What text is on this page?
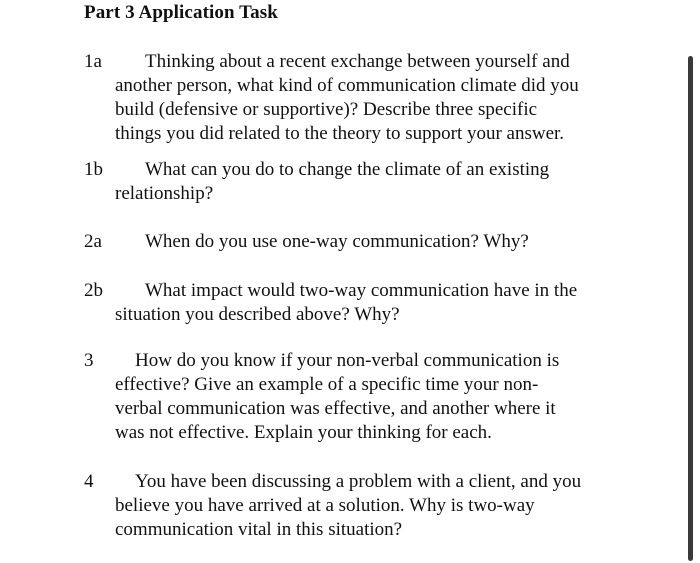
Part 3 Application Task
1a	Thinking about a recent exchange between yourself and
another person, what kind of communication climate did you
build (defensive or supportive)? Describe three specific
things you did related to the theory to support your answer.
1b	What can you do to change the climate of an existing
relationship?
2a	When do you use one-way communication? Why?
2b	What impact would two-way communication have in the
situation you described above? Why?
3	How do you know if your non-verbal communication is
effective? Give an example of a specific time your non-
verbal communication was effective, and another where it
was not effective. Explain your thinking for each.
4	You have been discussing a problem with a client, and you
believe you have arrived at a solution. Why is two-way
communication vital in this situation?
